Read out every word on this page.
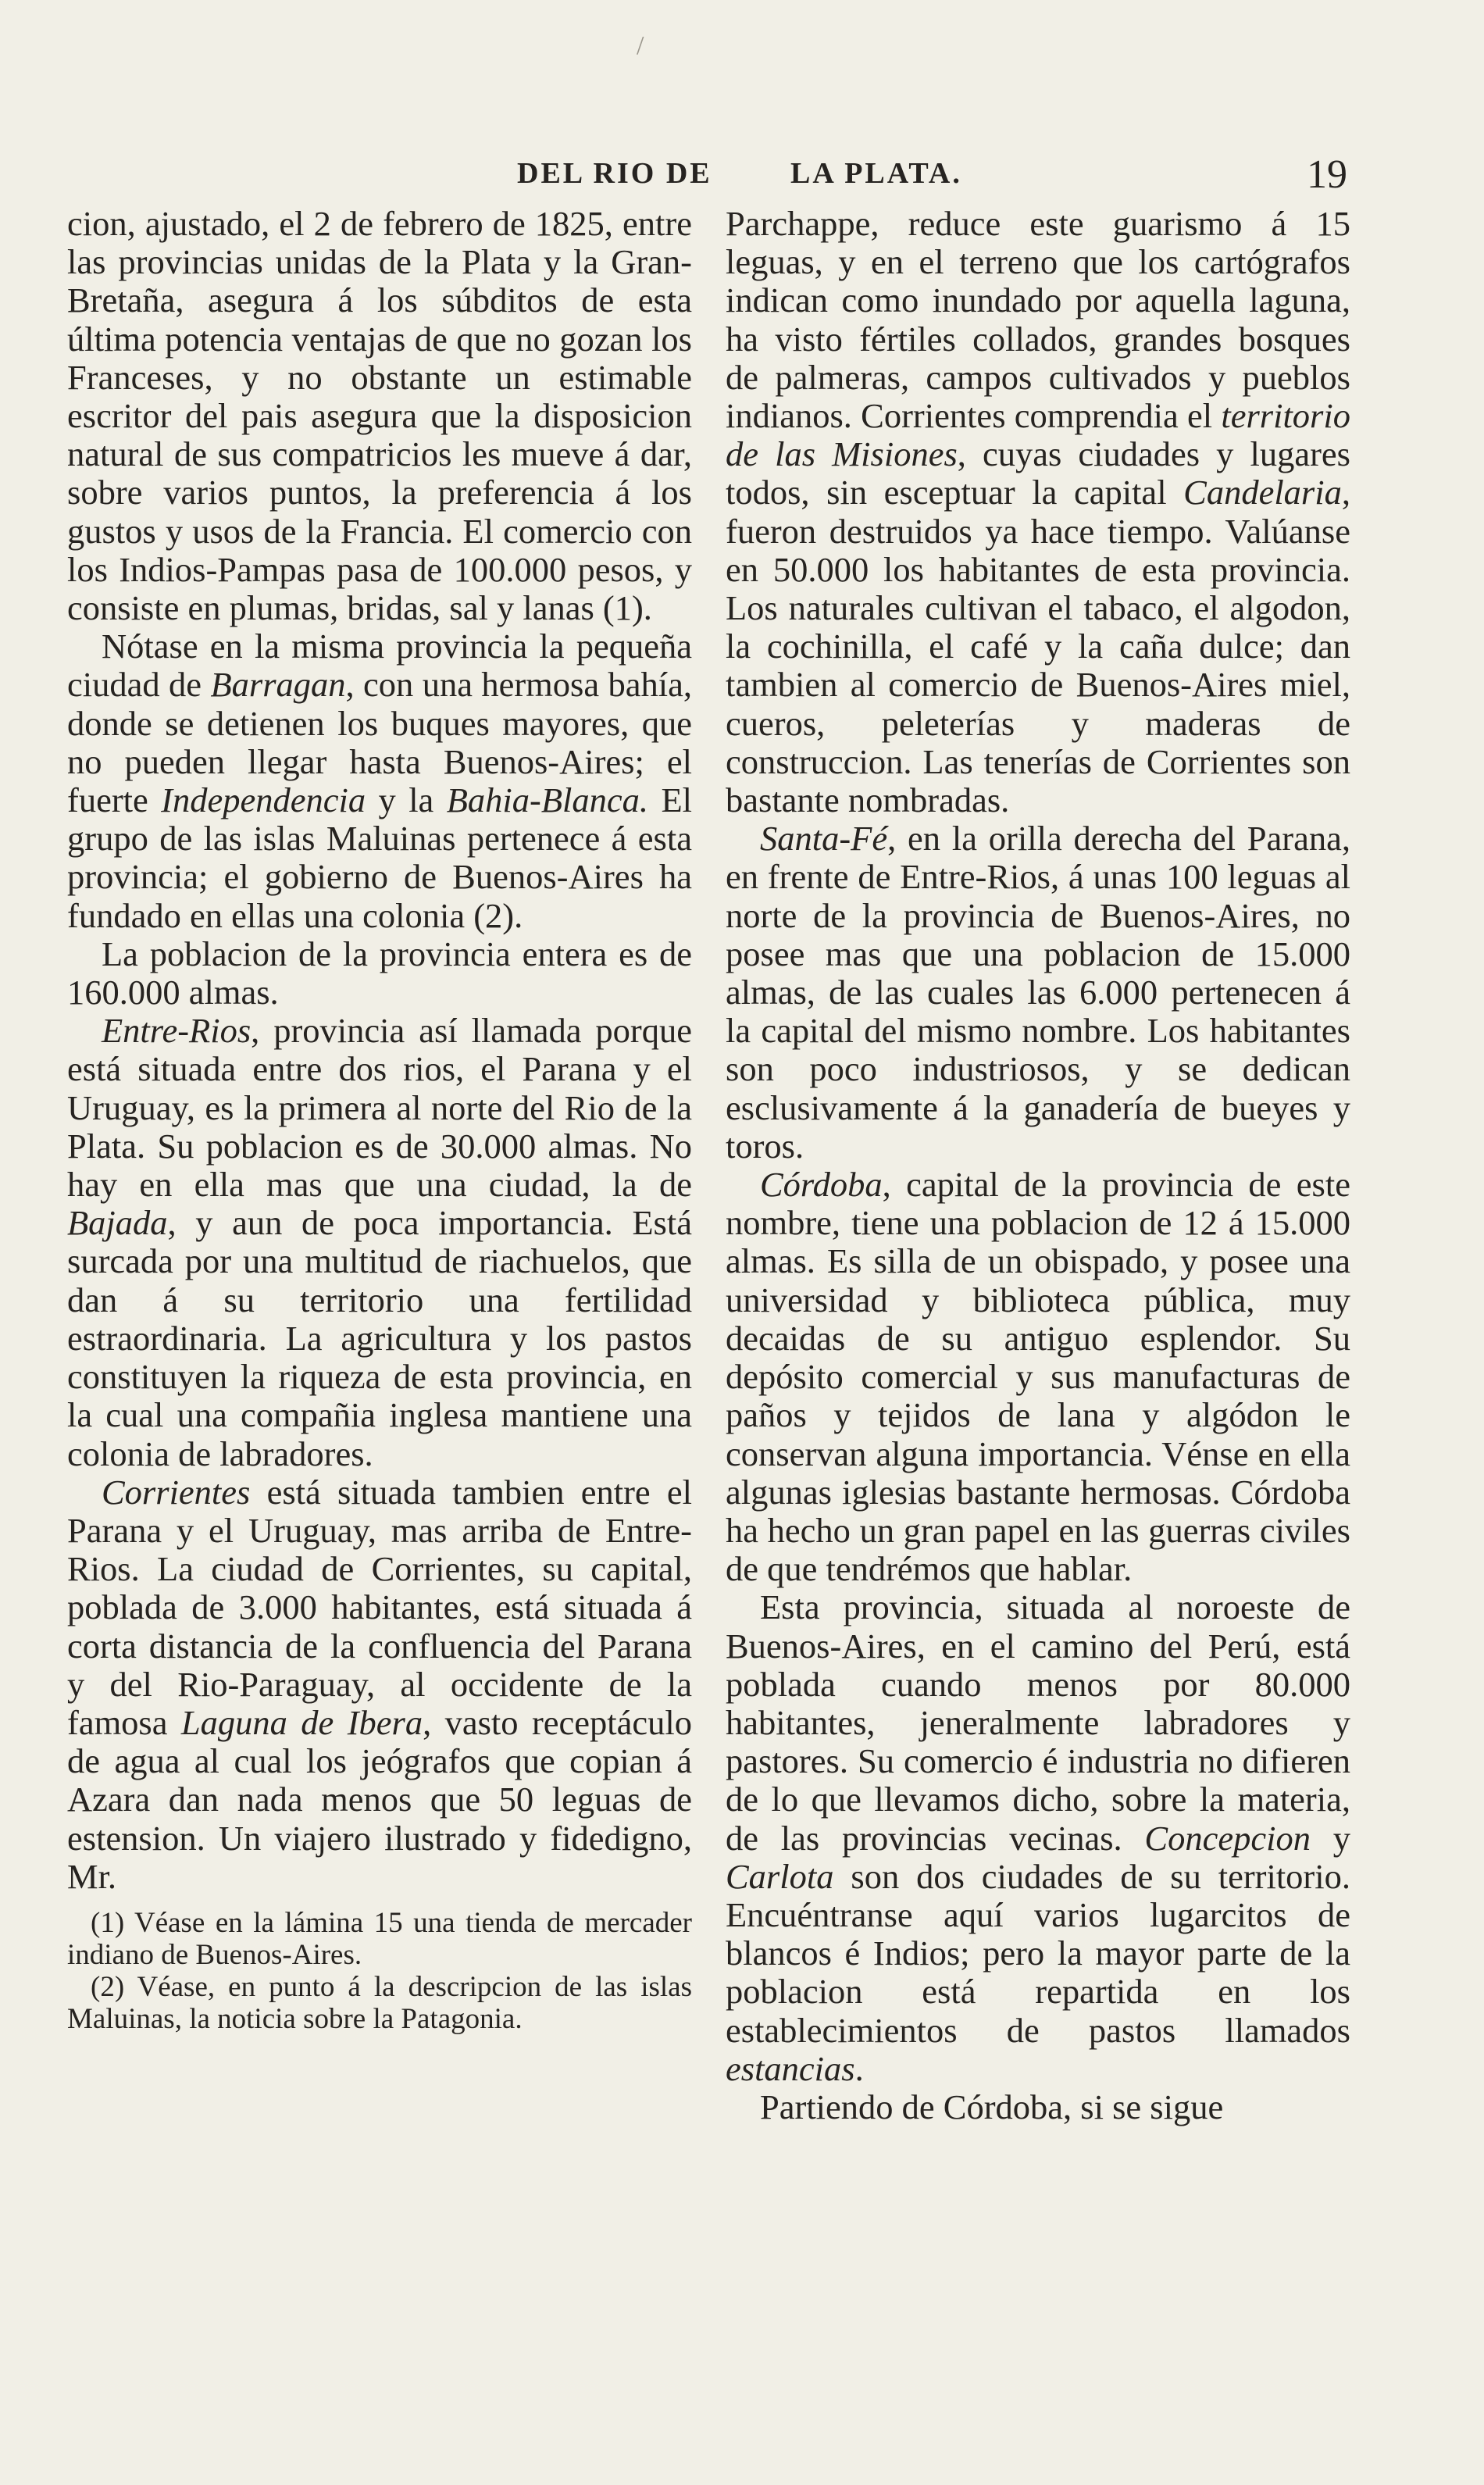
/
DEL RIO DE	LA PLATA.	19

cion, ajustado, el 2 de febrero de 1825, entre las provincias unidas de la Plata y la Gran-Bretaña, asegura á los súbditos de esta última potencia ventajas de que no gozan los Franceses, y no obstante un estimable escritor del pais asegura que la disposicion natural de sus compatricios les mueve á dar, sobre varios puntos, la preferencia á los gustos y usos de la Francia. El comercio con los Indios-Pampas pasa de 100.000 pesos, y consiste en plumas, bridas, sal y lanas (1).

Nótase en la misma provincia la pequeña ciudad de Barragan, con una hermosa bahía, donde se detienen los buques mayores, que no pueden llegar hasta Buenos-Aires; el fuerte Independencia y la Bahia-Blanca. El grupo de las islas Maluinas pertenece á esta provincia; el gobierno de Buenos-Aires ha fundado en ellas una colonia (2).

La poblacion de la provincia entera es de 160.000 almas.

Entre-Rios, provincia así llamada porque está situada entre dos rios, el Parana y el Uruguay, es la primera al norte del Rio de la Plata. Su poblacion es de 30.000 almas. No hay en ella mas que una ciudad, la de Bajada, y aun de poca importancia. Está surcada por una multitud de riachuelos, que dan á su territorio una fertilidad estraordinaria. La agricultura y los pastos constituyen la riqueza de esta provincia, en la cual una compañia inglesa mantiene una colonia de labradores.

Corrientes está situada tambien entre el Parana y el Uruguay, mas arriba de Entre-Rios. La ciudad de Corrientes, su capital, poblada de 3.000 habitantes, está situada á corta distancia de la confluencia del Parana y del Rio-Paraguay, al occidente de la famosa Laguna de Ibera, vasto receptáculo de agua al cual los jeógrafos que copian á Azara dan nada menos que 50 leguas de estension. Un viajero ilustrado y fidedigno, Mr.

(1) Véase en la lámina 15 una tienda de mercader indiano de Buenos-Aires.

(2) Véase, en punto á la descripcion de las islas Maluinas, la noticia sobre la Patagonia.

Parchappe, reduce este guarismo á 15 leguas, y en el terreno que los cartógrafos indican como inundado por aquella laguna, ha visto fértiles collados, grandes bosques de palmeras, campos cultivados y pueblos indianos. Corrientes comprendia el territorio de las Misiones, cuyas ciudades y lugares todos, sin esceptuar la capital Candelaria, fueron destruidos ya hace tiempo. Valúanse en 50.000 los habitantes de esta provincia. Los naturales cultivan el tabaco, el algodon, la cochinilla, el café y la caña dulce; dan tambien al comercio de Buenos-Aires miel, cueros, peleterías y maderas de construccion. Las tenerías de Corrientes son bastante nombradas.

Santa-Fé, en la orilla derecha del Parana, en frente de Entre-Rios, á unas 100 leguas al norte de la provincia de Buenos-Aires, no posee mas que una poblacion de 15.000 almas, de las cuales las 6.000 pertenecen á la capital del mismo nombre. Los habitantes son poco industriosos, y se dedican esclusivamente á la ganadería de bueyes y toros.

Córdoba, capital de la provincia de este nombre, tiene una poblacion de 12 á 15.000 almas. Es silla de un obispado, y posee una universidad y biblioteca pública, muy decaidas de su antiguo esplendor. Su depósito comercial y sus manufacturas de paños y tejidos de lana y algódon le conservan alguna importancia. Vénse en ella algunas iglesias bastante hermosas. Córdoba ha hecho un gran papel en las guerras civiles de que tendrémos que hablar.

Esta provincia, situada al noroeste de Buenos-Aires, en el camino del Perú, está poblada cuando menos por 80.000 habitantes, jeneralmente labradores y pastores. Su comercio é industria no difieren de lo que llevamos dicho, sobre la materia, de las provincias vecinas. Concepcion y Carlota son dos ciudades de su territorio. Encuéntranse aquí varios lugarcitos de blancos é Indios; pero la mayor parte de la poblacion está repartida en los establecimientos de pastos llamados estancias.

Partiendo de Córdoba, si se sigue
